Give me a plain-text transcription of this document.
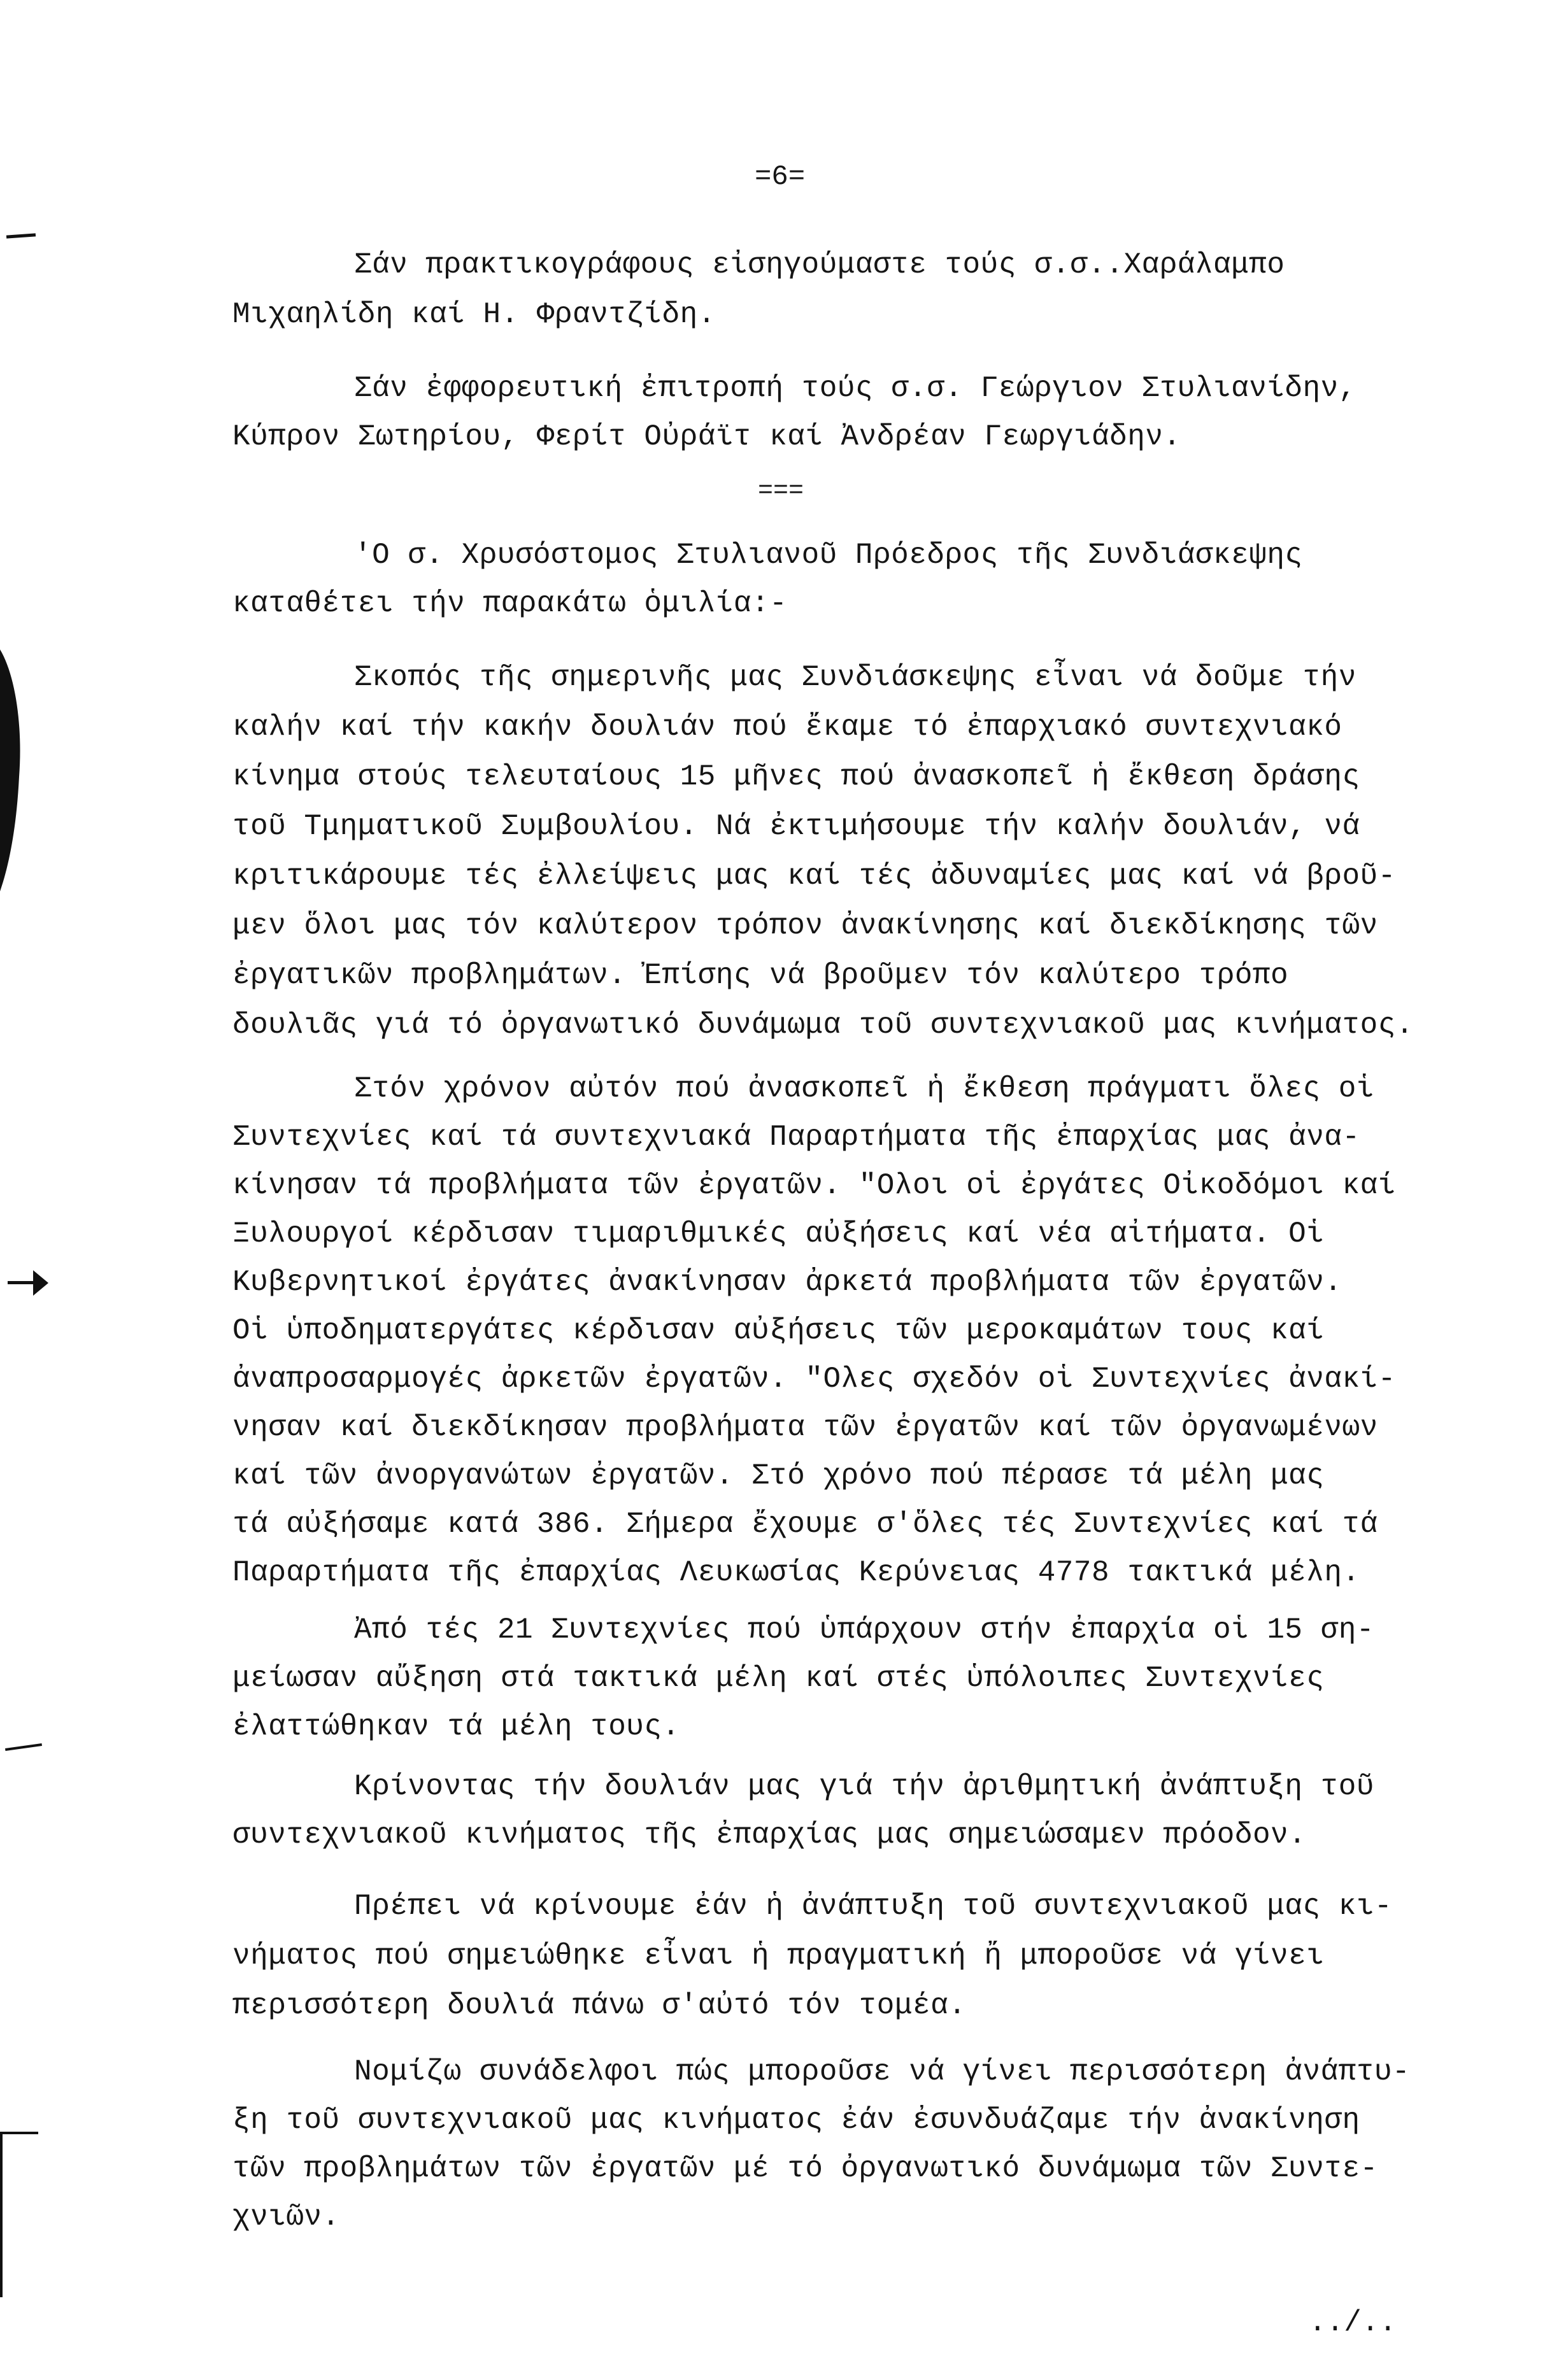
=6=
Σάν πρακτικογράφους εἰσηγούμαστε τούς σ.σ..Χαράλαμπο
Μιχαηλίδη καί Η. Φραντζίδη.
Σάν ἐφφορευτική ἐπιτροπή τούς σ.σ. Γεώργιον Στυλιανίδην,
Κύπρον Σωτηρίου, Φερίτ Οὐράϊτ καί Ἀνδρέαν Γεωργιάδην.
===
'Ο σ. Χρυσόστομος Στυλιανοῦ Πρόεδρος τῆς Συνδιάσκεψης
καταθέτει τήν παρακάτω ὁμιλία:-
Σκοπός τῆς σημερινῆς μας Συνδιάσκεψης εἶναι νά δοῦμε τήν
καλήν καί τήν κακήν δουλιάν πού ἔκαμε τό ἐπαρχιακό συντεχνιακό
κίνημα στούς τελευταίους 15 μῆνες πού ἀνασκοπεῖ ἡ ἔκθεση δράσης
τοῦ Τμηματικοῦ Συμβουλίου. Νά ἐκτιμήσουμε τήν καλήν δουλιάν, νά
κριτικάρουμε τές ἐλλείψεις μας καί τές ἀδυναμίες μας καί νά βροῦ-
μεν ὅλοι μας τόν καλύτερον τρόπον ἀνακίνησης καί διεκδίκησης τῶν
ἐργατικῶν προβλημάτων. Ἐπίσης νά βροῦμεν τόν καλύτερο τρόπο
δουλιᾶς γιά τό ὀργανωτικό δυνάμωμα τοῦ συντεχνιακοῦ μας κινήματος.
Στόν χρόνον αὐτόν πού ἀνασκοπεῖ ἡ ἔκθεση πράγματι ὅλες οἱ
Συντεχνίες καί τά συντεχνιακά Παραρτήματα τῆς ἐπαρχίας μας ἀνα-
κίνησαν τά προβλήματα τῶν ἐργατῶν. "Ολοι οἱ ἐργάτες Οἰκοδόμοι καί
Ξυλουργοί κέρδισαν τιμαριθμικές αὐξήσεις καί νέα αἰτήματα. Οἱ
Κυβερνητικοί ἐργάτες ἀνακίνησαν ἀρκετά προβλήματα τῶν ἐργατῶν.
Οἱ ὑποδηματεργάτες κέρδισαν αὐξήσεις τῶν μεροκαμάτων τους καί
ἀναπροσαρμογές ἀρκετῶν ἐργατῶν. "Ολες σχεδόν οἱ Συντεχνίες ἀνακί-
νησαν καί διεκδίκησαν προβλήματα τῶν ἐργατῶν καί τῶν ὀργανωμένων
καί τῶν ἀνοργανώτων ἐργατῶν. Στό χρόνο πού πέρασε τά μέλη μας
τά αὐξήσαμε κατά 386. Σήμερα ἔχουμε σ'ὅλες τές Συντεχνίες καί τά
Παραρτήματα τῆς ἐπαρχίας Λευκωσίας Κερύνειας 4778 τακτικά μέλη.
Ἀπό τές 21 Συντεχνίες πού ὑπάρχουν στήν ἐπαρχία οἱ 15 ση-
μείωσαν αὔξηση στά τακτικά μέλη καί στές ὑπόλοιπες Συντεχνίες
ἐλαττώθηκαν τά μέλη τους.
Κρίνοντας τήν δουλιάν μας γιά τήν ἀριθμητική ἀνάπτυξη τοῦ
συντεχνιακοῦ κινήματος τῆς ἐπαρχίας μας σημειώσαμεν πρόοδον.
Πρέπει νά κρίνουμε ἐάν ἡ ἀνάπτυξη τοῦ συντεχνιακοῦ μας κι-
νήματος πού σημειώθηκε εἶναι ἡ πραγματική ἤ μποροῦσε νά γίνει
περισσότερη δουλιά πάνω σ'αὐτό τόν τομέα.
Νομίζω συνάδελφοι πώς μποροῦσε νά γίνει περισσότερη ἀνάπτυ-
ξη τοῦ συντεχνιακοῦ μας κινήματος ἐάν ἐσυνδυάζαμε τήν ἀνακίνηση
τῶν προβλημάτων τῶν ἐργατῶν μέ τό ὀργανωτικό δυνάμωμα τῶν Συντε-
χνιῶν.
../..
